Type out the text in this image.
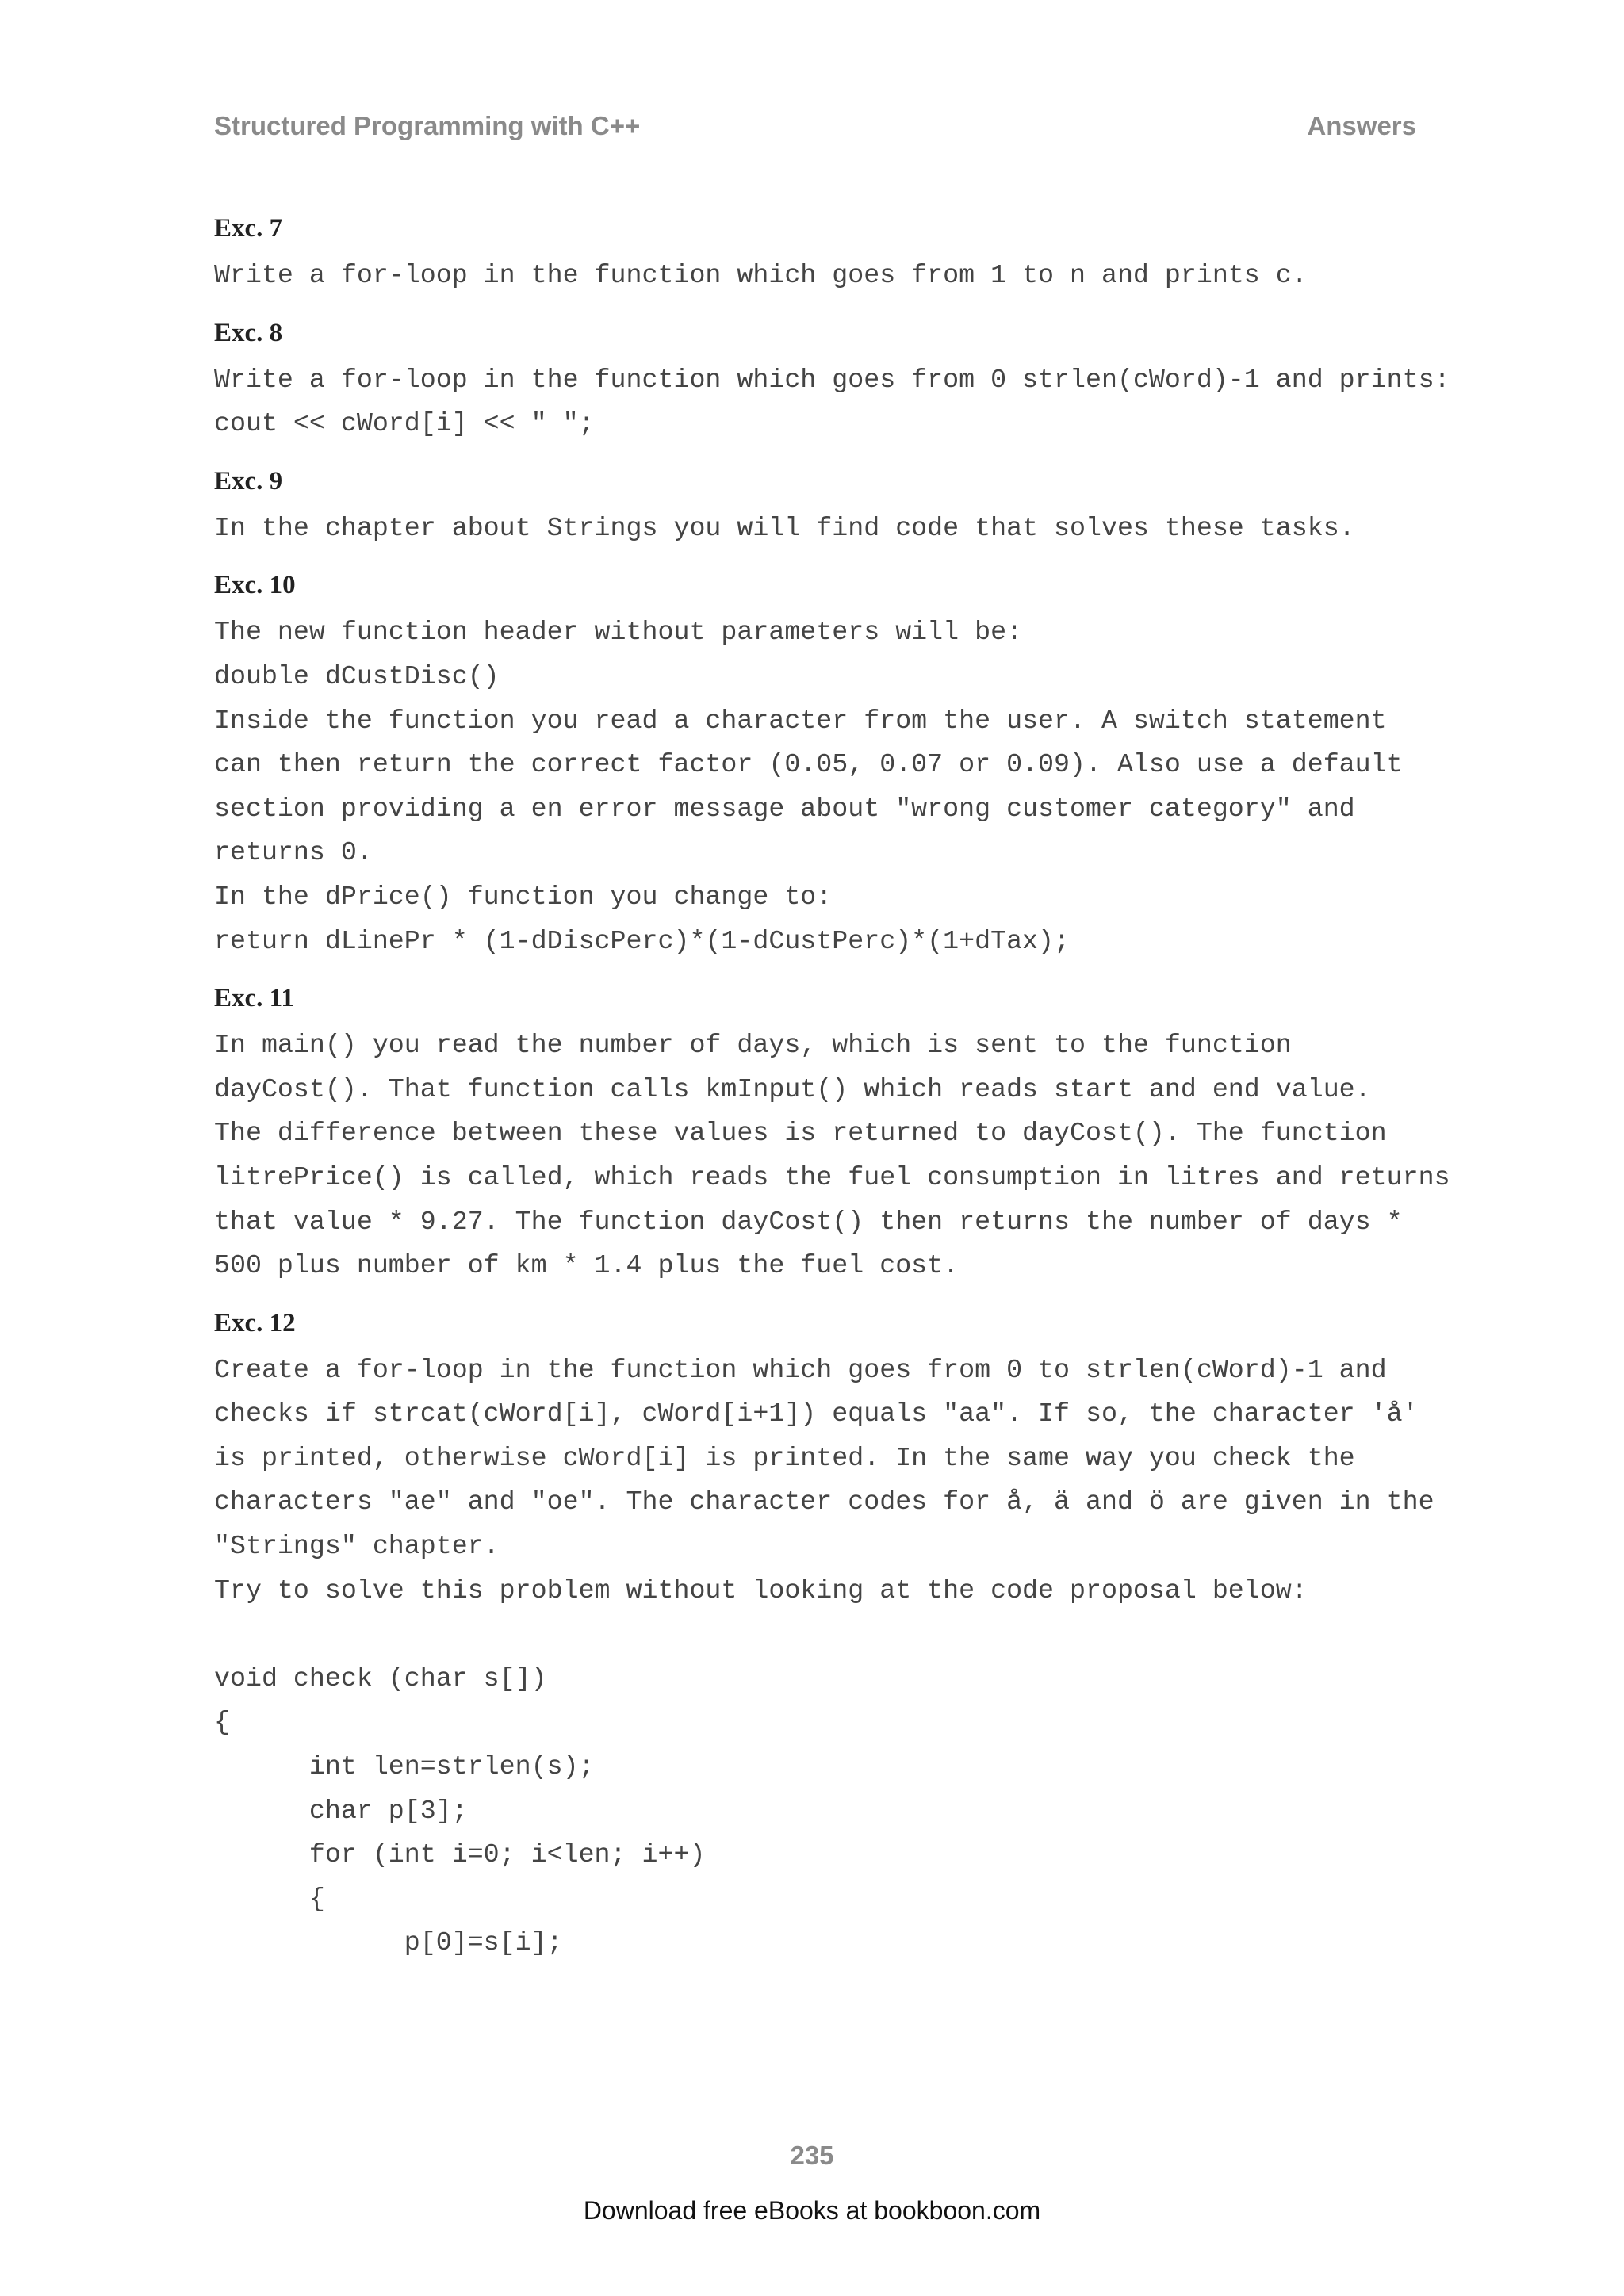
Structured Programming with C++	Answers

Exc. 7

Write a for-loop in the function which goes from 1 to n and prints c.

Exc. 8

Write a for-loop in the function which goes from 0 strlen(cWord)-1 and prints:

cout << cWord[i] << " ";

Exc. 9

In the chapter about Strings you will find code that solves these tasks.

Exc. 10

The new function header without parameters will be:

double dCustDisc()

Inside the function you read a character from the user. A switch statement

can then return the correct factor (0.05, 0.07 or 0.09). Also use a default

section providing a en error message about "wrong customer category" and

returns 0.

In the dPrice() function you change to:

return dLinePr * (1-dDiscPerc)*(1-dCustPerc)*(1+dTax);

Exc. 11

In main() you read the number of days, which is sent to the function

dayCost(). That function calls kmInput() which reads start and end value.

The difference between these values is returned to dayCost(). The function

litrePrice() is called, which reads the fuel consumption in litres and returns

that value * 9.27. The function dayCost() then returns the number of days *

500 plus number of km * 1.4 plus the fuel cost.

Exc. 12

Create a for-loop in the function which goes from 0 to strlen(cWord)-1 and

checks if strcat(cWord[i], cWord[i+1]) equals "aa". If so, the character 'å'

is printed, otherwise cWord[i] is printed. In the same way you check the

characters "ae" and "oe". The character codes for å, ä and ö are given in the

"Strings" chapter.

Try to solve this problem without looking at the code proposal below:

void check (char s[])

{

int len=strlen(s);

char p[3];

for (int i=0; i<len; i++)

{

p[0]=s[i];

235
Download free eBooks at bookboon.com
